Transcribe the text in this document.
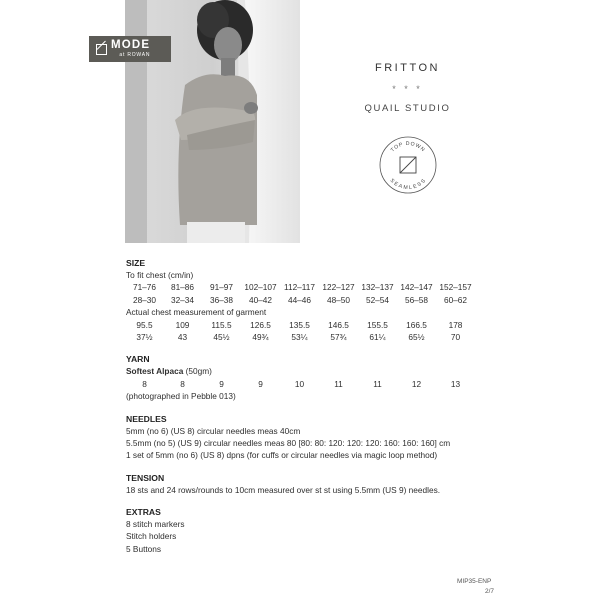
MODE
at ROWAN
FRITTON
* * *
QUAIL STUDIO
TOP DOWN
SEAMLESS
SIZE
To fit chest (cm/in)
71–76	81–86	91–97	102–107 112–117 122–127 132–137 142–147 152–157
28–30	32–34	36–38	40–42	44–46	48–50	52–54	56–58	60–62
Actual chest measurement of garment
95.5	109	115.5	126.5	135.5	146.5	155.5	166.5	178
37½	43	45½	49¾	53¼	57¾	61¼	65½	70
YARN
Softest Alpaca (50gm)
8	8	9	9	10	11	11	12	13
(photographed in Pebble 013)
NEEDLES
5mm (no 6) (US 8) circular needles meas 40cm
5.5mm (no 5) (US 9) circular needles meas 80 [80: 80: 120: 120: 120: 160: 160: 160] cm
1 set of 5mm (no 6) (US 8) dpns (for cuffs or circular needles via magic loop method)
TENSION
18 sts and 24 rows/rounds to 10cm measured over st st using 5.5mm (US 9) needles.
EXTRAS
8 stitch markers
Stitch holders
5 Buttons
MIP35-ENP
2/7
